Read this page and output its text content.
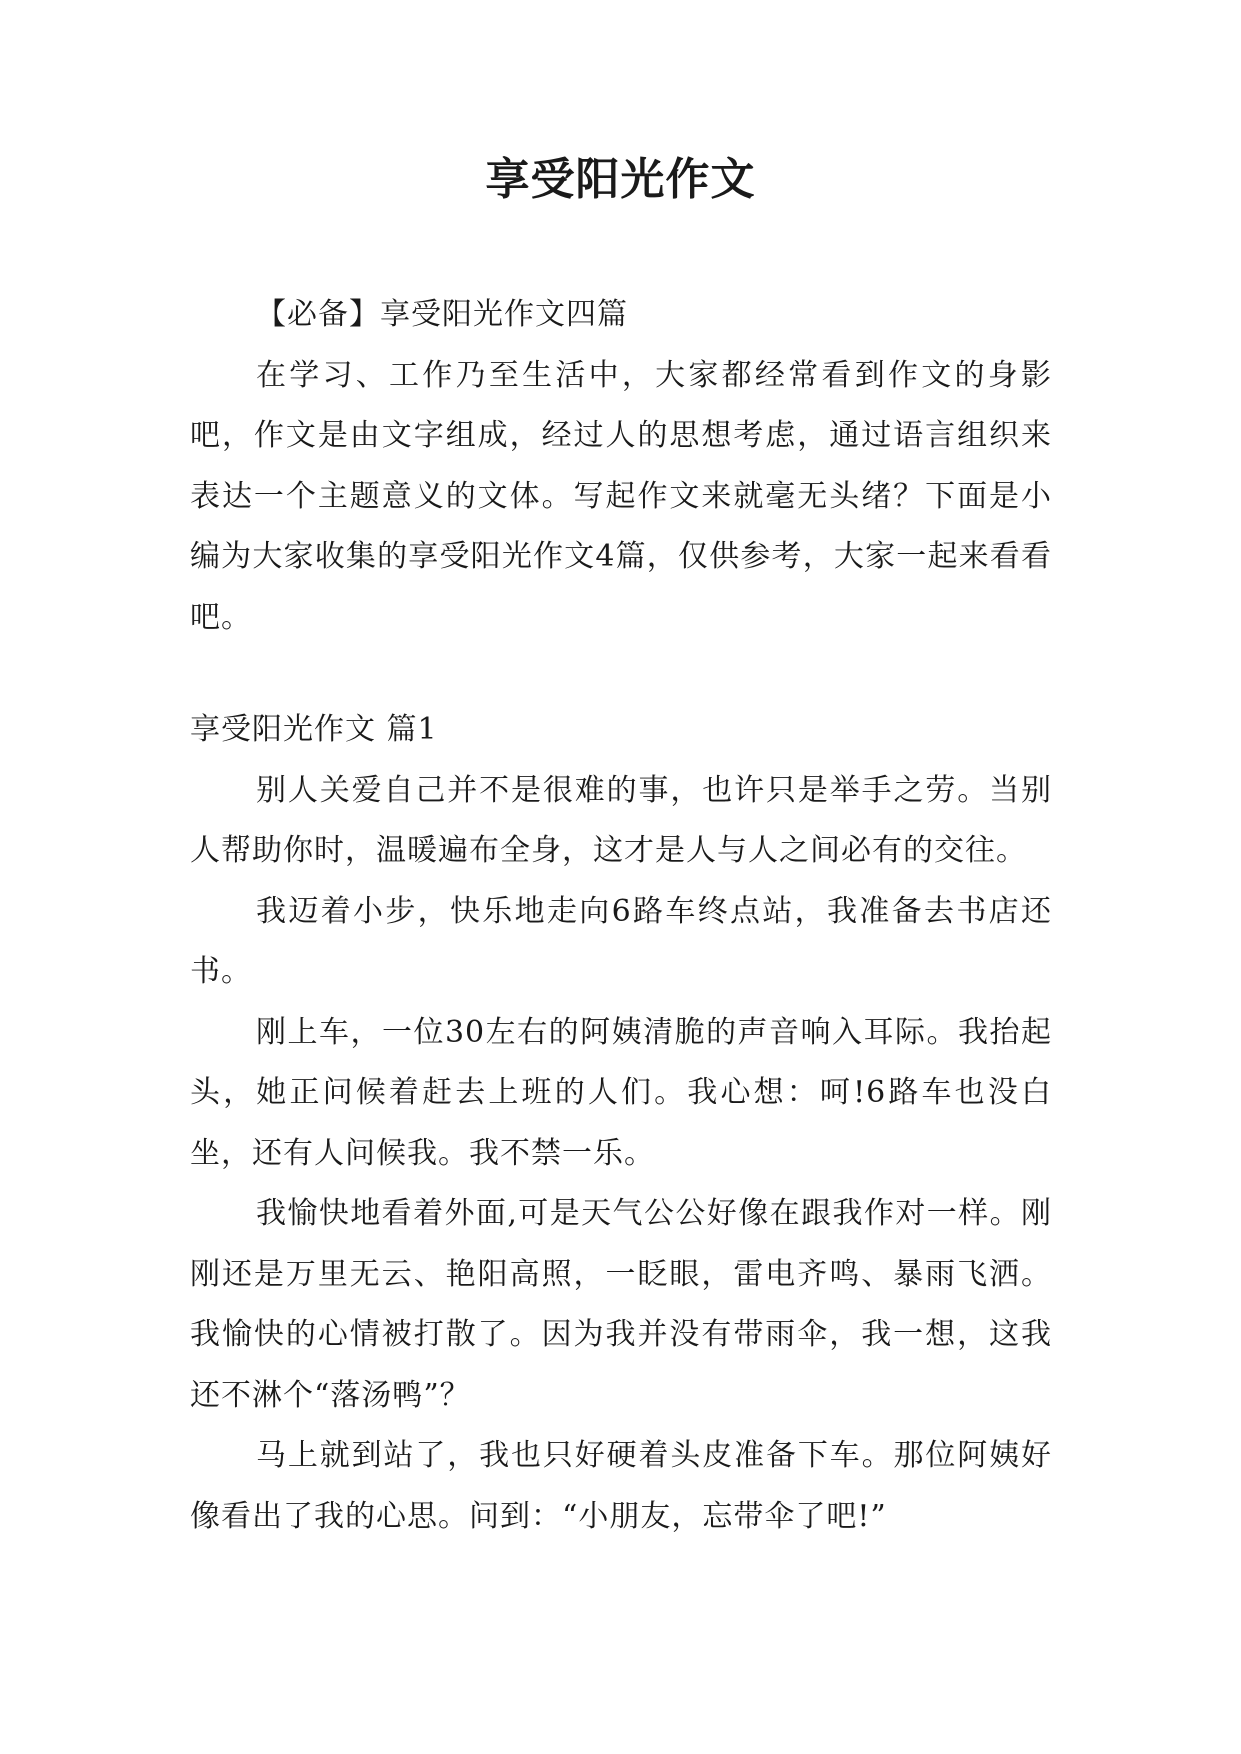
享受阳光作文

【必备】享受阳光作文四篇

在学习、工作乃至生活中，大家都经常看到作文的身影吧，作文是由文字组成，经过人的思想考虑，通过语言组织来表达一个主题意义的文体。写起作文来就毫无头绪？下面是小编为大家收集的享受阳光作文4篇，仅供参考，大家一起来看看吧。

享受阳光作文 篇1

别人关爱自己并不是很难的事，也许只是举手之劳。当别人帮助你时，温暖遍布全身，这才是人与人之间必有的交往。

我迈着小步，快乐地走向6路车终点站，我准备去书店还书。

刚上车，一位30左右的阿姨清脆的声音响入耳际。我抬起头，她正问候着赶去上班的人们。我心想：呵!6路车也没白坐，还有人问候我。我不禁一乐。

我愉快地看着外面,可是天气公公好像在跟我作对一样。刚刚还是万里无云、艳阳高照，一眨眼，雷电齐鸣、暴雨飞洒。我愉快的心情被打散了。因为我并没有带雨伞，我一想，这我还不淋个“落汤鸭”？

马上就到站了，我也只好硬着头皮准备下车。那位阿姨好像看出了我的心思。问到：“小朋友，忘带伞了吧!”
